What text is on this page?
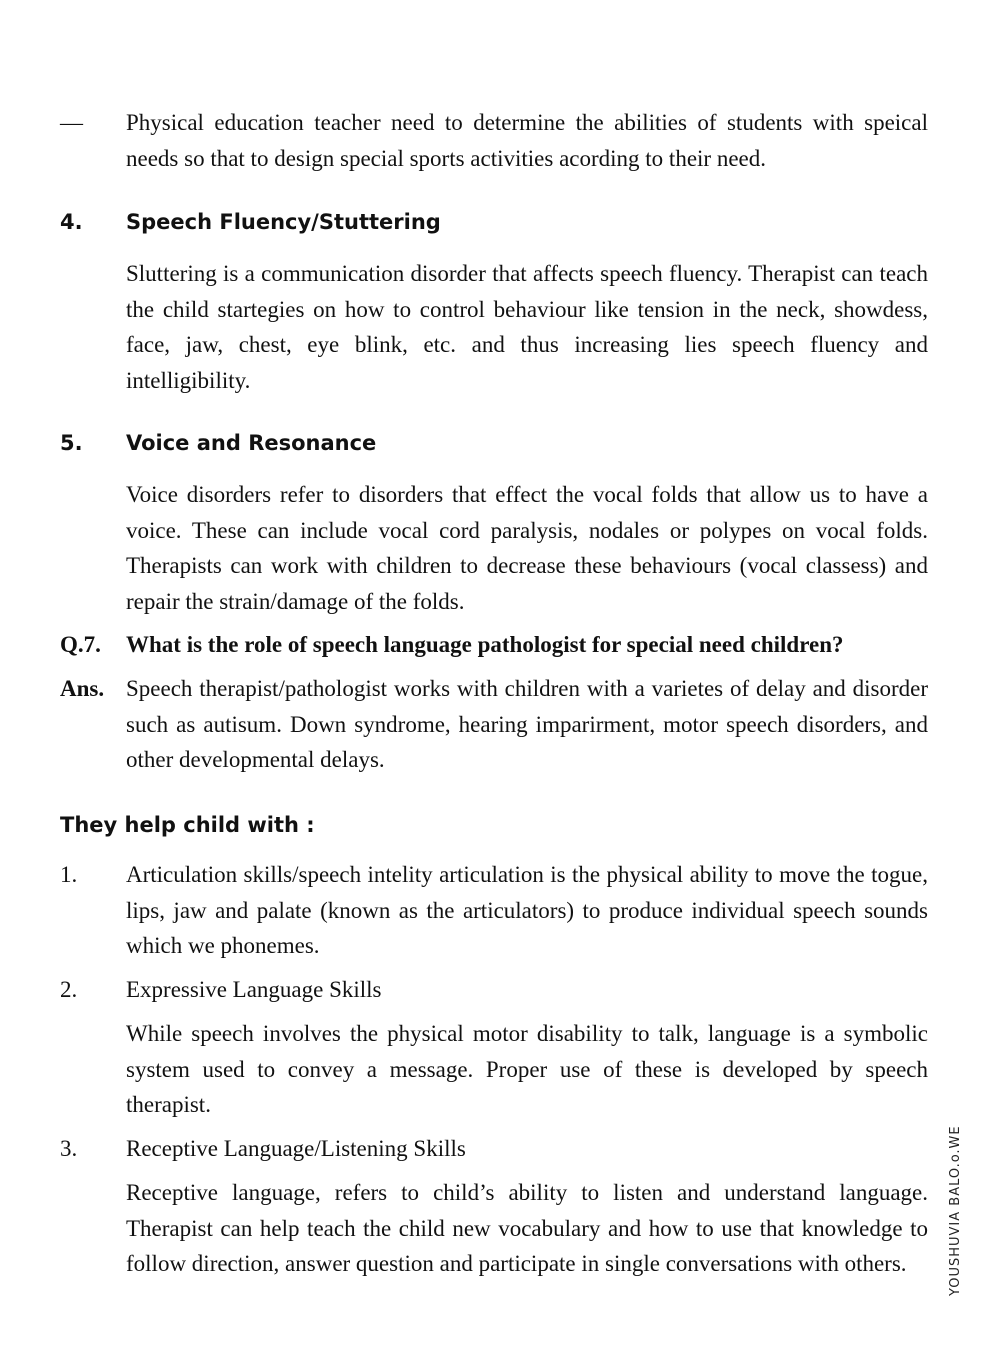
— Physical education teacher need to determine the abilities of students with speical needs so that to design special sports activities acording to their need.
4. Speech Fluency/Stuttering
Sluttering is a communication disorder that affects speech fluency. Therapist can teach the child startegies on how to control behaviour like tension in the neck, showdess, face, jaw, chest, eye blink, etc. and thus increasing lies speech fluency and intelligibility.
5. Voice and Resonance
Voice disorders refer to disorders that effect the vocal folds that allow us to have a voice. These can include vocal cord paralysis, nodales or polypes on vocal folds. Therapists can work with children to decrease these behaviours (vocal classess) and repair the strain/damage of the folds.
Q.7. What is the role of speech language pathologist for special need children?
Ans. Speech therapist/pathologist works with children with a varietes of delay and disorder such as autisum. Down syndrome, hearing imparirment, motor speech disorders, and other developmental delays.
They help child with :
1. Articulation skills/speech intelity articulation is the physical ability to move the togue, lips, jaw and palate (known as the articulators) to produce individual speech sounds which we phonemes.
2. Expressive Language Skills
While speech involves the physical motor disability to talk, language is a symbolic system used to convey a message. Proper use of these is developed by speech therapist.
3. Receptive Language/Listening Skills
Receptive language, refers to child’s ability to listen and understand language. Therapist can help teach the child new vocabulary and how to use that knowledge to follow direction, answer question and participate in single conversations with others.	YOUSHUVIA BALO.o.WE
